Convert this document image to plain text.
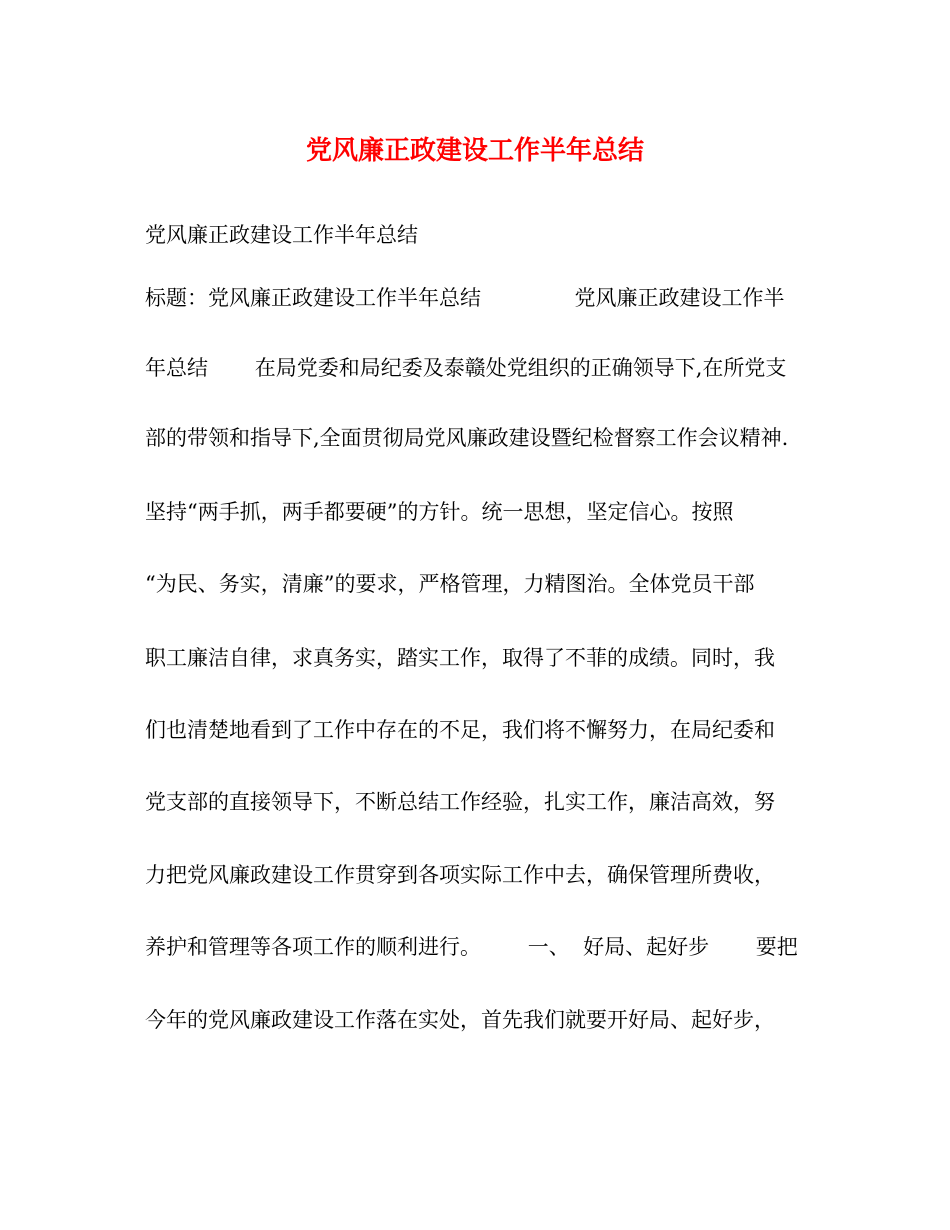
党风廉正政建设工作半年总结
党风廉正政建设工作半年总结
标题：党风廉正政建设工作半年总结              党风廉正政建设工作半
年总结       在局党委和局纪委及泰赣处党组织的正确领导下,在所党支
部的带领和指导下,全面贯彻局党风廉政建设暨纪检督察工作会议精神.
坚持“两手抓，两手都要硬”的方针。统一思想，坚定信心。按照
“为民、务实，清廉”的要求，严格管理，力精图治。全体党员干部
职工廉洁自律，求真务实，踏实工作，取得了不菲的成绩。同时，我
们也清楚地看到了工作中存在的不足，我们将不懈努力，在局纪委和
党支部的直接领导下，不断总结工作经验，扎实工作，廉洁高效，努
力把党风廉政建设工作贯穿到各项实际工作中去，确保管理所费收，
养护和管理等各项工作的顺利进行。       一、  好局、起好步       要把
今年的党风廉政建设工作落在实处，首先我们就要开好局、起好步，
